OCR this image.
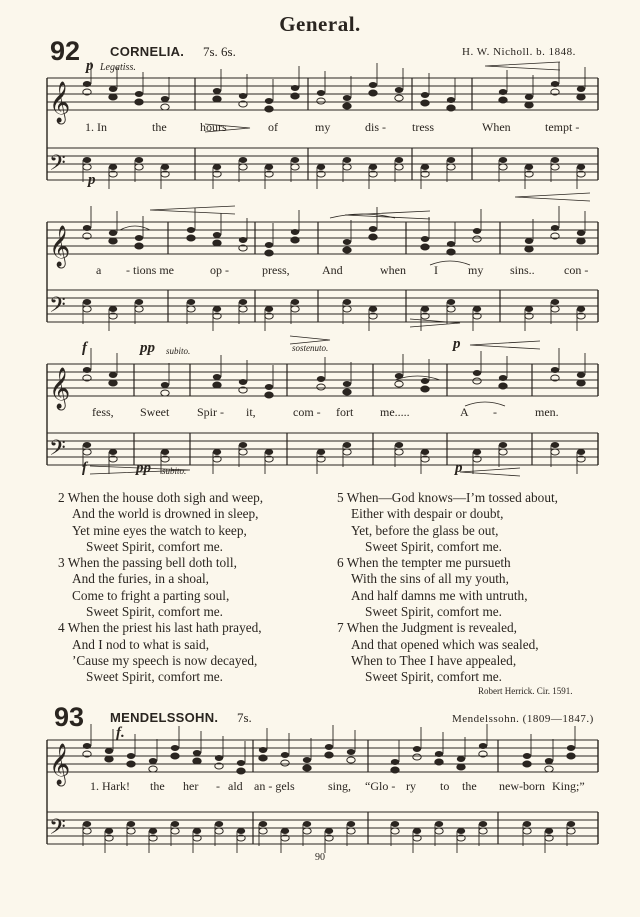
General.
92 CORNELIA. 7s. 6s.	H. W. Nicholl. b. 1848.
𝄞
𝄢
𝄞
𝄢
𝄞
𝄢
𝄞
𝄢
p Legatiss.
p
f	pp subito.	sostenuto.	p
f	pp subito.	p
1. In	the	hours	of	my	dis - tress	When	tempt -
a - tions me	op -	press,	And	when I	my sins.. con -
fess, Sweet Spir - it,	com - fort me.....	A -	men.
2 When the house doth sigh and weep,
And the world is drowned in sleep,
Yet mine eyes the watch to keep,
Sweet Spirit, comfort me.
3 When the passing bell doth toll,
And the furies, in a shoal,
Come to fright a parting soul,
Sweet Spirit, comfort me.
4 When the priest his last hath prayed,
And I nod to what is said,
’Cause my speech is now decayed,
Sweet Spirit, comfort me.
5 When—God knows—I’m tossed about,
Either with despair or doubt,
Yet, before the glass be out,
Sweet Spirit, comfort me.
6 When the tempter me pursueth
With the sins of all my youth,
And half damns me with untruth,
Sweet Spirit, comfort me.
7 When the Judgment is revealed,
And that opened which was sealed,
When to Thee I have appealed,
Sweet Spirit, comfort me.
Robert Herrick. Cir. 1591.
93 MENDELSSOHN. 7s.	Mendelssohn. (1809—1847.)
f.
1. Hark! the her - ald an - gels	sing, “Glo - ry to the new-born King;”
90
